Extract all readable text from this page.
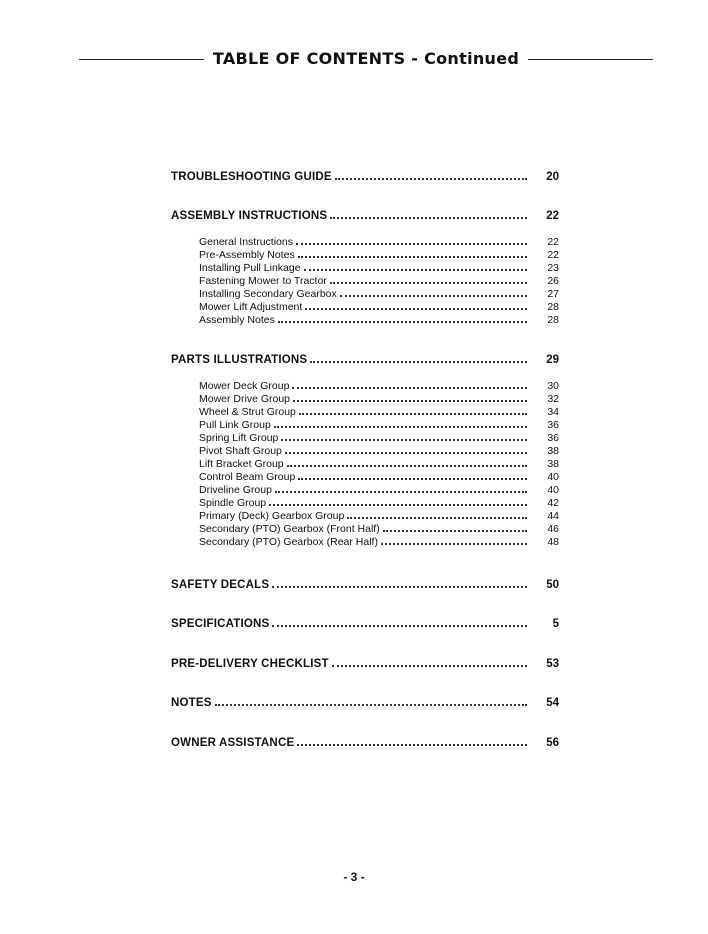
TABLE OF CONTENTS - Continued
TROUBLESHOOTING GUIDE	20
ASSEMBLY INSTRUCTIONS	22
General Instructions	22
Pre-Assembly Notes	22
Installing Pull Linkage	23
Fastening Mower to Tractor	26
Installing Secondary Gearbox	27
Mower Lift Adjustment	28
Assembly Notes	28
PARTS ILLUSTRATIONS	29
Mower Deck Group	30
Mower Drive Group	32
Wheel & Strut Group	34
Pull Link Group	36
Spring Lift Group	36
Pivot Shaft Group	38
Lift Bracket Group	38
Control Beam Group	40
Driveline Group	40
Spindle Group	42
Primary (Deck) Gearbox Group	44
Secondary (PTO) Gearbox (Front Half)	46
Secondary (PTO) Gearbox (Rear Half)	48
SAFETY DECALS	50
SPECIFICATIONS	5
PRE-DELIVERY CHECKLIST	53
NOTES	54
OWNER ASSISTANCE	56
- 3 -
